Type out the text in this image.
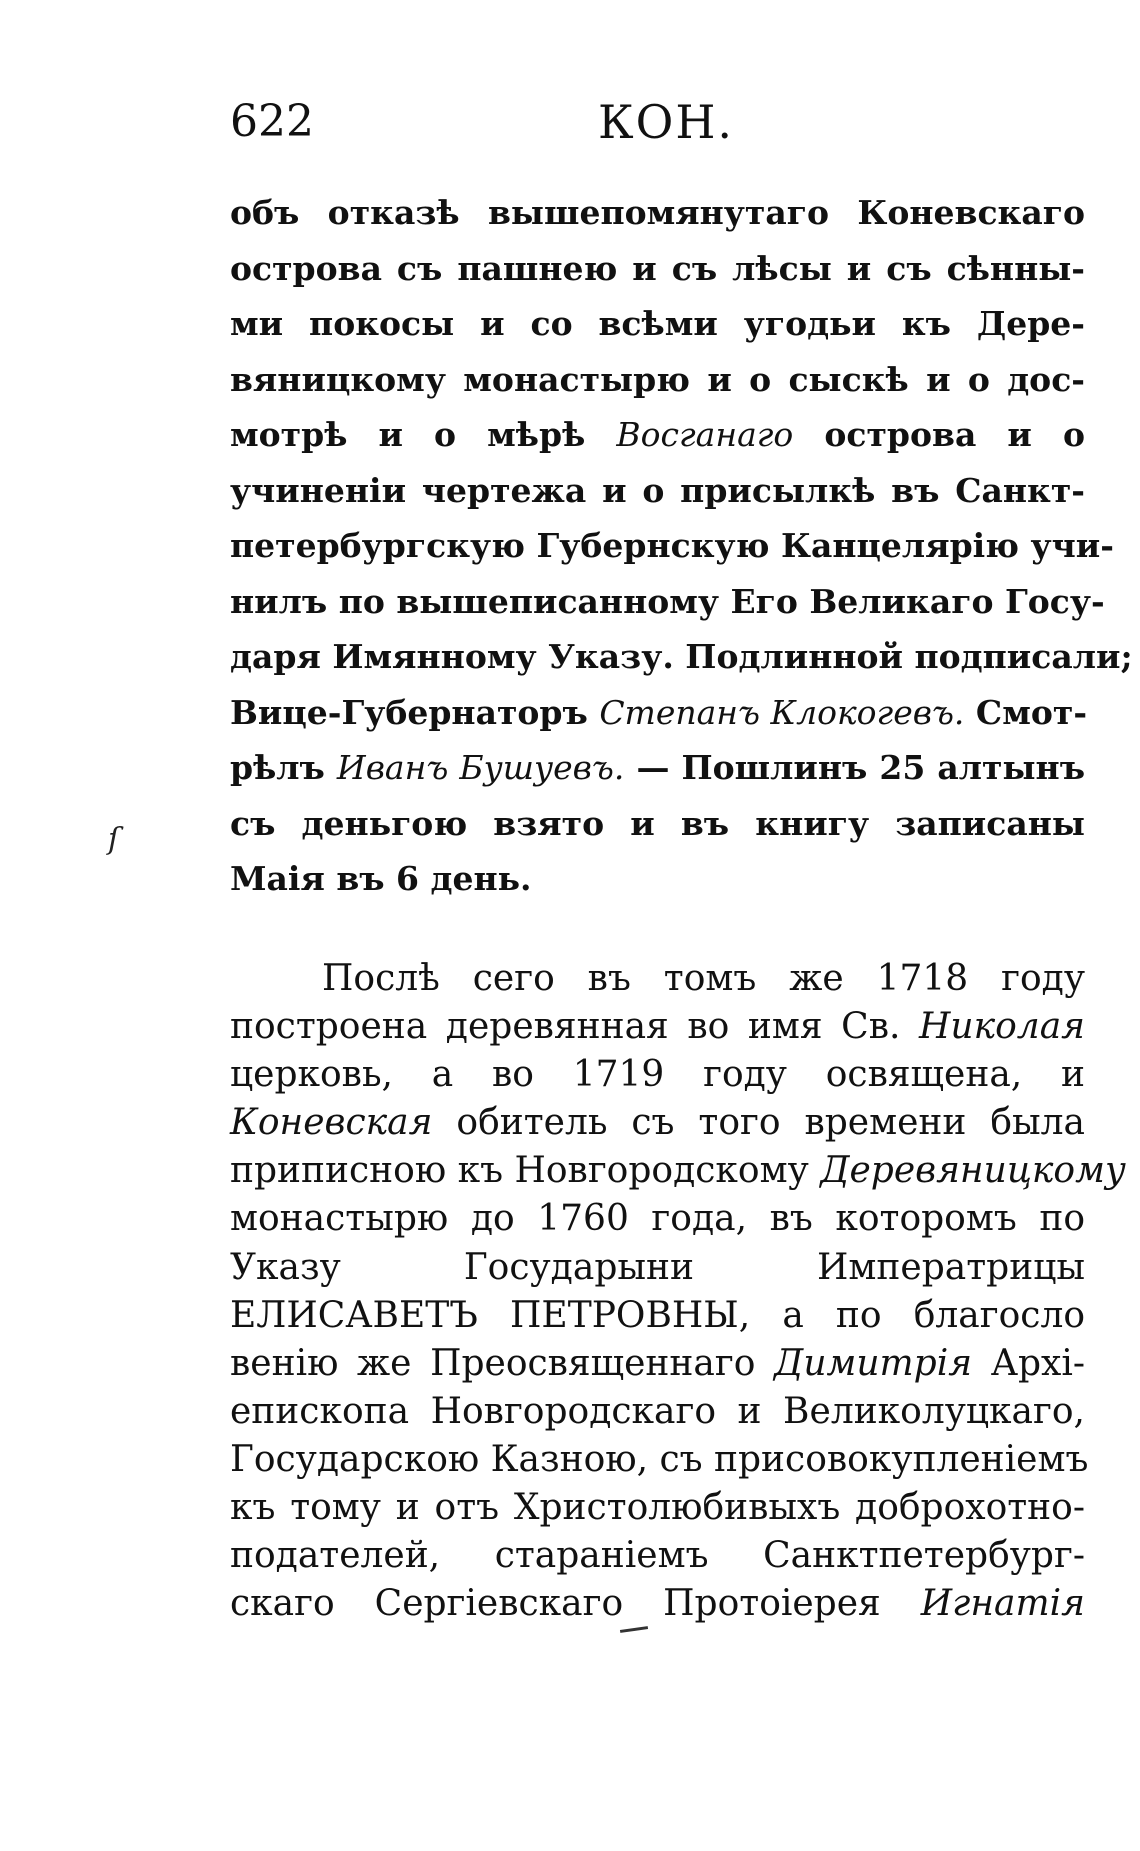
622	КОН.
объ отказѣ вышепомянутаго Коневскаго
острова съ пашнею и съ лѣсы и съ сѣнны-
ми покосы и со всѣми угодьи къ Дере-
вяницкому монастырю и о сыскѣ и о дос-
мотрѣ и о мѣрѣ Восганаго острова и о
учиненiи чертежа и о присылкѣ въ Санкт-
петербургскую Губернскую Канцелярiю учи-
нилъ по вышеписанному Его Великаго Госу-
даря Имянному Указу. Подлинной подписали;
Вице-Губернаторъ Степанъ Клокогевъ. Смот-
рѣлъ Иванъ Бушуевъ. — Пошлинъ 25 алтынъ
съ деньгою взято и въ книгу записаны
Маiя въ 6 день.
Послѣ сего въ томъ же 1718 году
построена деревянная во имя Св. Николая
церковь, а во 1719 году освящена, и
Коневская обитель съ того времени была
приписною къ Новгородскому Деревяницкому
монастырю до 1760 года, въ которомъ по
Указу Государыни Императрицы
ЕЛИСАВЕТЪ ПЕТРОВНЫ, а по благосло
венiю же Преосвященнаго Димитрiя Архi-
епископа Новгородскаго и Великолуцкаго,
Государскою Казною, съ присовокупленiемъ
къ тому и отъ Христолюбивыхъ доброхотно-
подателей, старанiемъ Санктпетербург-
скаго Сергiевскаго Протоiерея Игнатiя
ſ
